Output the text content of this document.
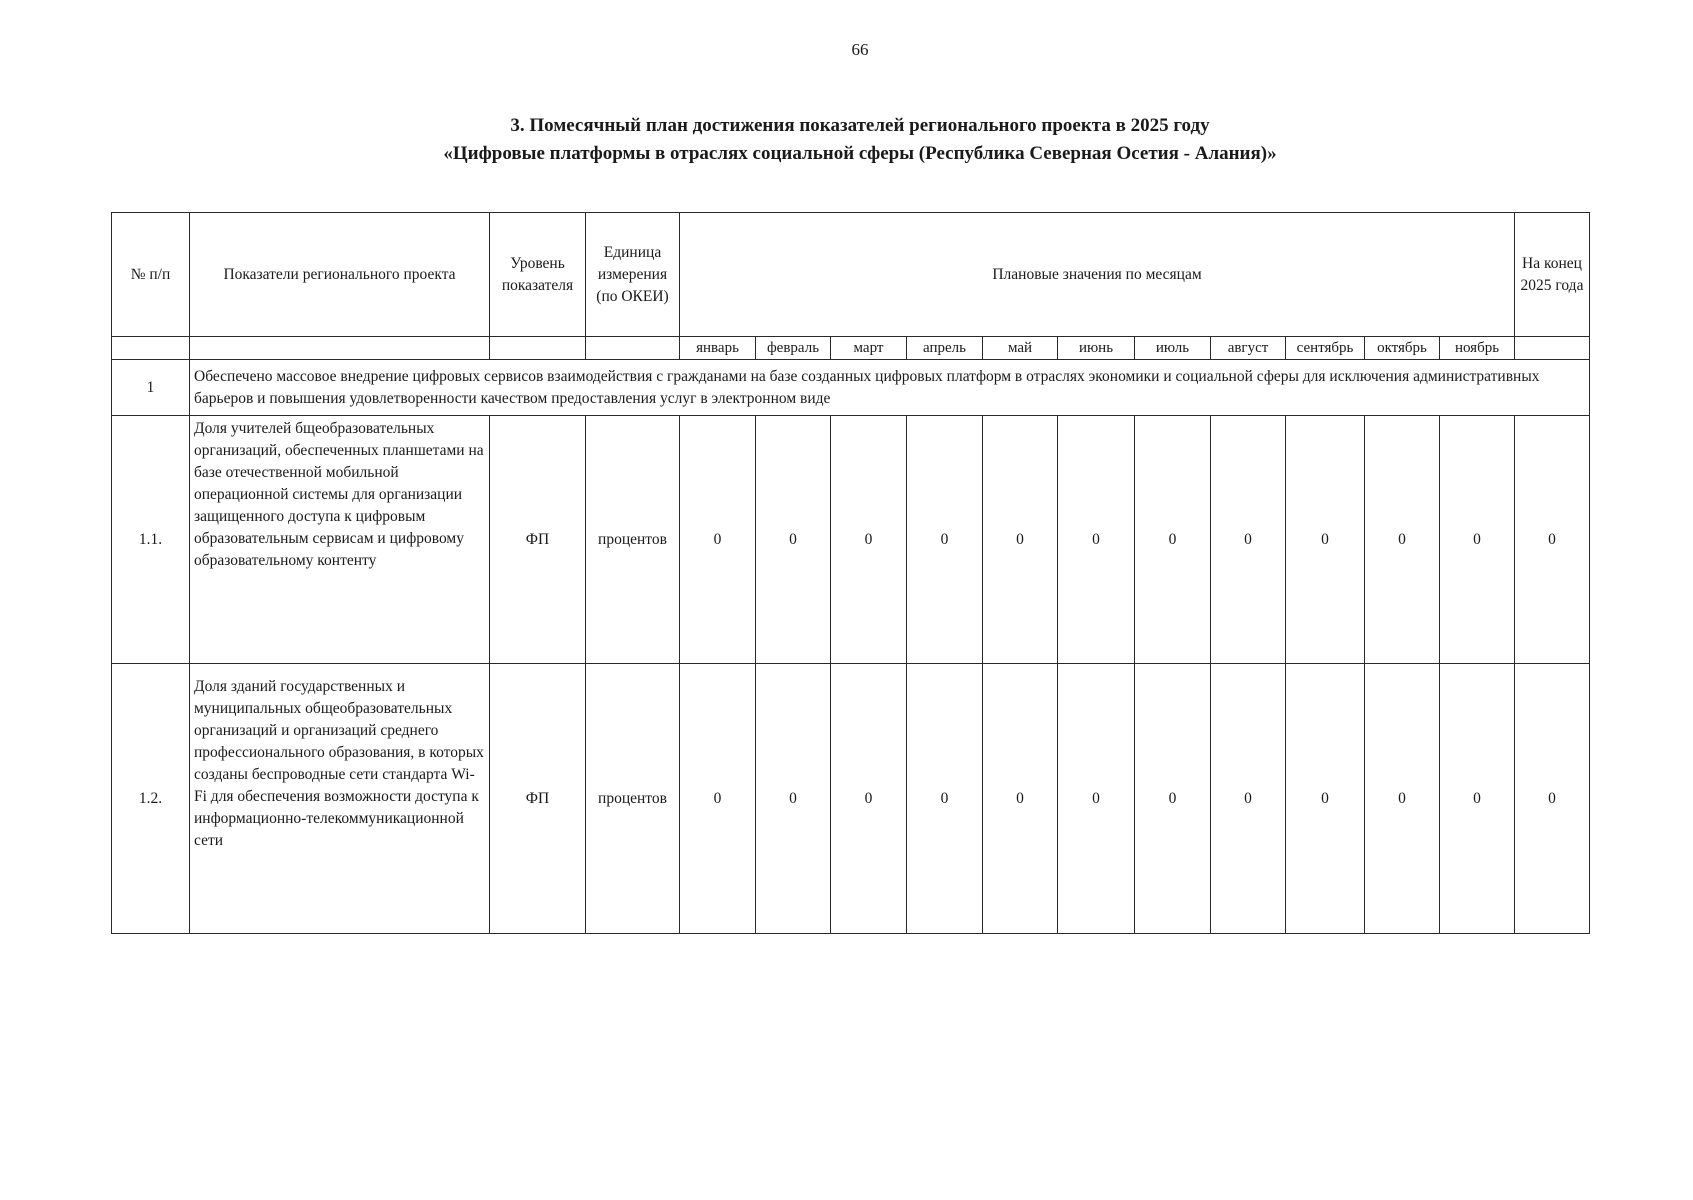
66
3. Помесячный план достижения показателей регионального проекта в 2025 году
«Цифровые платформы в отраслях социальной сферы (Республика Северная Осетия - Алания)»
№ п/п	Показатели регионального проекта	Уровень показателя	Единица измерения (по ОКЕИ)	Плановые значения по месяцам											На конец 2025 года
				январь	февраль	март	апрель	май	июнь	июль	август	сентябрь	октябрь	ноябрь	
1	Обеспечено массовое внедрение цифровых сервисов взаимодействия с гражданами на базе созданных цифровых платформ в отраслях экономики и социальной сферы для исключения административных барьеров и повышения удовлетворенности качеством предоставления услуг в электронном виде														
1.1.	Доля учителей бщеобразовательных организаций, обеспеченных планшетами на базе отечественной мобильной операционной системы для организации защищенного доступа к цифровым образовательным сервисам и цифровому образовательному контенту	ФП	процентов	0	0	0	0	0	0	0	0	0	0	0	0
1.2.	Доля зданий государственных и муниципальных общеобразовательных организаций и организаций среднего профессионального образования, в которых созданы беспроводные сети стандарта Wi-Fi для обеспечения возможности доступа к информационно-телекоммуникационной сети	ФП	процентов	0	0	0	0	0	0	0	0	0	0	0	0
